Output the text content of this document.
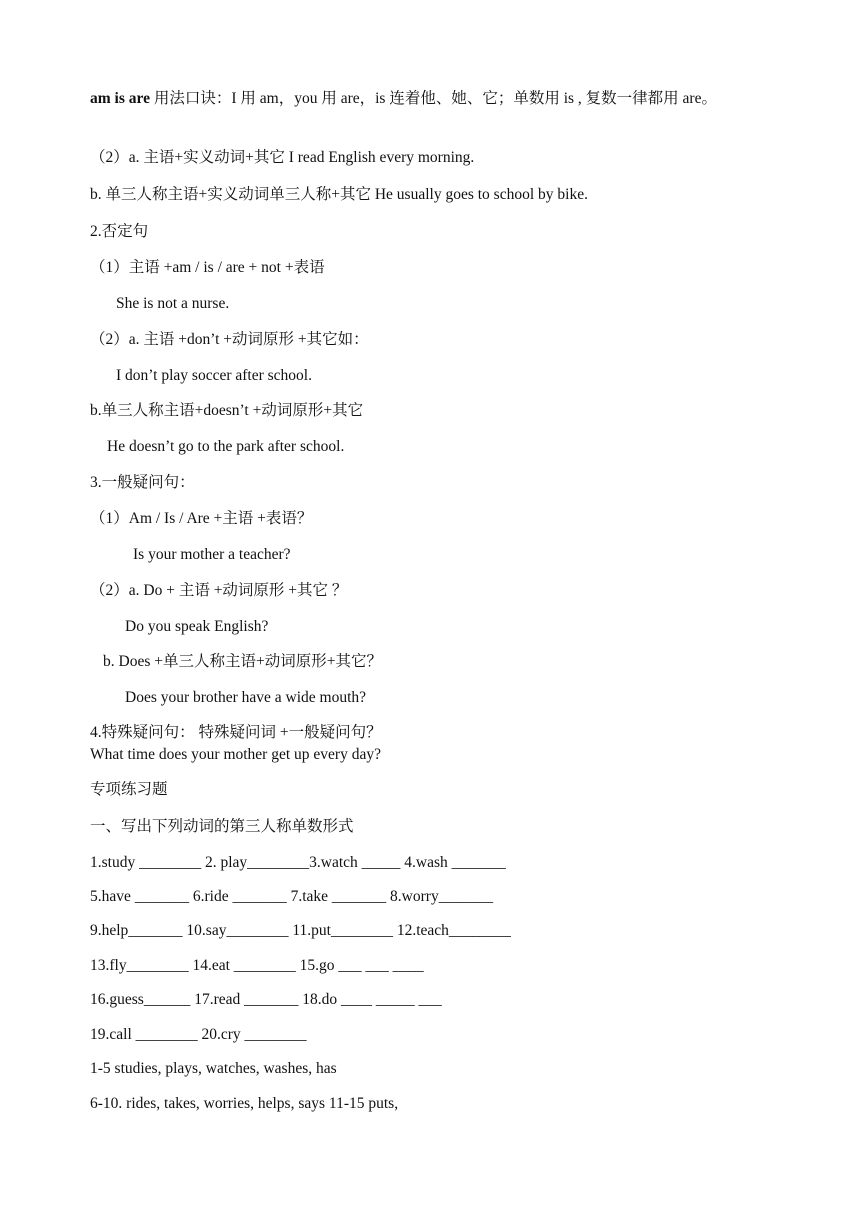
am is are 用法口诀：I 用 am，you 用 are，is 连着他、她、它；单数用 is , 复数一律都用 are。
（2）a. 主语+实义动词+其它 I read English every morning.
b. 单三人称主语+实义动词单三人称+其它 He usually goes to school by bike.
2.否定句
（1）主语 +am / is / are + not +表语
She is not a nurse.
（2）a. 主语 +don’t +动词原形 +其它如：
I don’t play soccer after school.
b.单三人称主语+doesn’t +动词原形+其它
He doesn’t go to the park after school.
3.一般疑问句：
（1）Am / Is / Are +主语 +表语？
Is your mother a teacher?
（2）a. Do + 主语 +动词原形 +其它 ？
Do you speak English?
b. Does +单三人称主语+动词原形+其它？
Does your brother have a wide mouth?
4.特殊疑问句： 特殊疑问词 +一般疑问句？
What time does your mother get up every day?
专项练习题
一、写出下列动词的第三人称单数形式
1.study ________ 2. play________3.watch _____ 4.wash _______
5.have _______ 6.ride _______ 7.take _______ 8.worry_______
9.help_______ 10.say________ 11.put________ 12.teach________
13.fly________ 14.eat ________ 15.go ___ ___ ____
16.guess______ 17.read _______ 18.do ____ _____ ___
19.call ________ 20.cry ________
1-5 studies, plays, watches, washes, has
6-10. rides, takes, worries, helps, says 11-15 puts,
